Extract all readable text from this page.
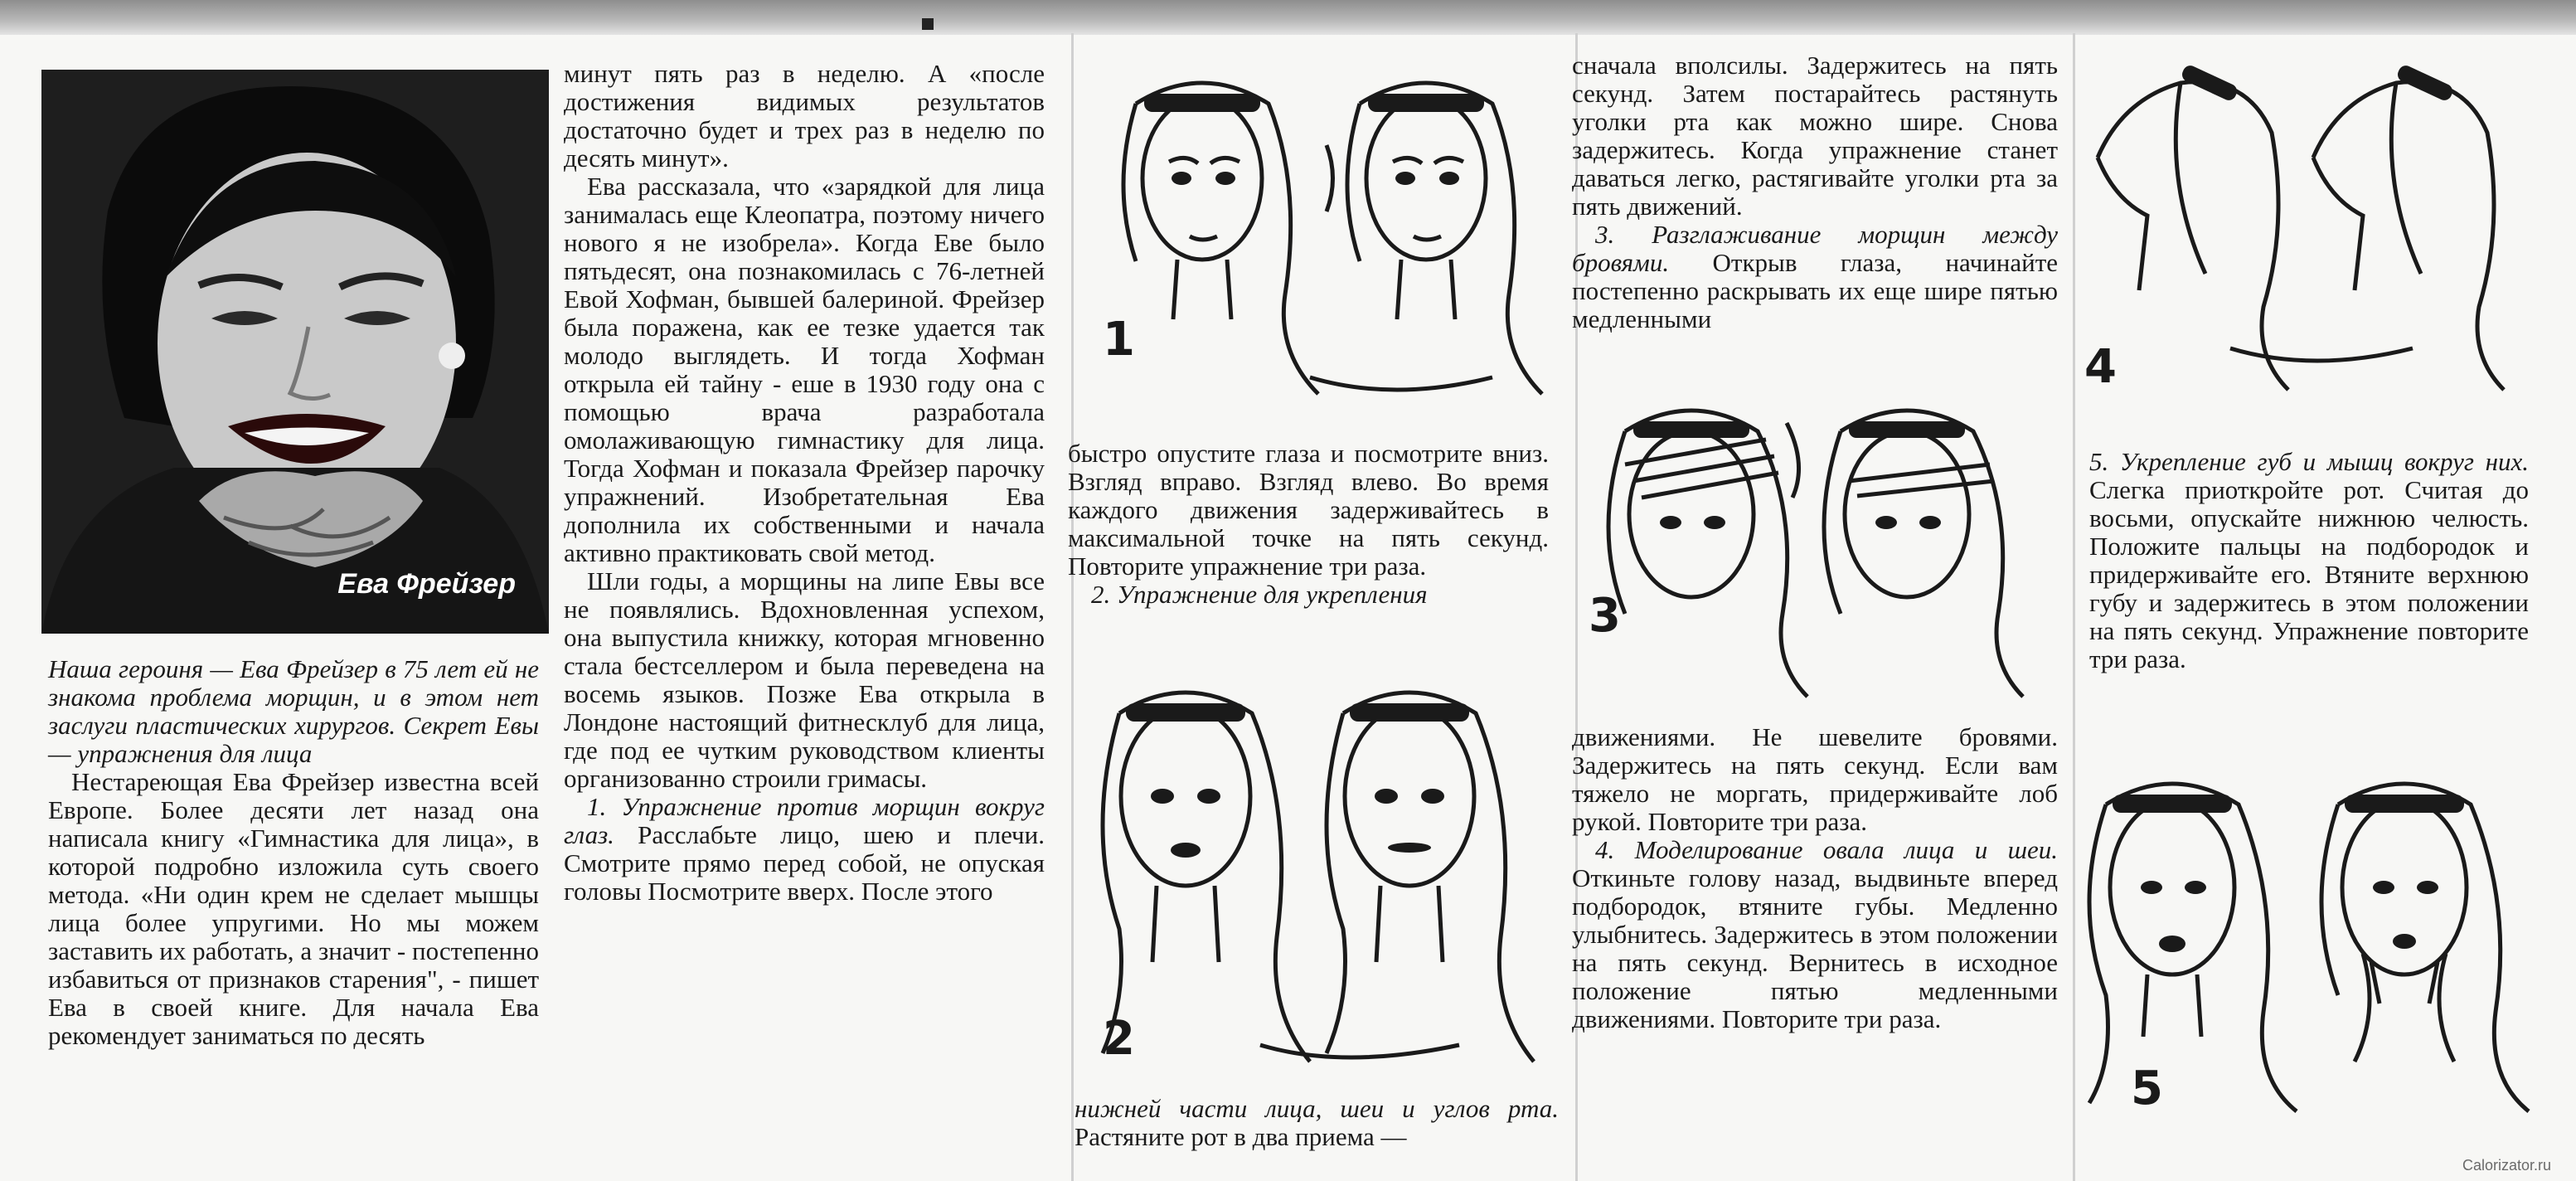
Ева Фрейзер

Наша героиня — Ева Фрейзер в 75 лет ей не знакома проблема морщин, и в этом нет заслуги пластических хирургов. Секрет Евы — упражнения для лица

Нестареющая Ева Фрейзер известна всей Европе. Более десяти лет назад она написала книгу «Гимнастика для лица», в которой подробно изложила суть своего метода. «Ни один крем не сделает мышцы лица более упругими. Но мы можем заставить их работать, а значит - постепенно избавиться от признаков старения", - пишет Ева в своей книге. Для начала Ева рекомендует заниматься по десять

минут пять раз в неделю. А «после достижения видимых результатов достаточно будет и трех раз в неделю по десять минут».

Ева рассказала, что «зарядкой для лица занималась еще Клеопатра, поэтому ничего нового я не изобрела». Когда Еве было пятьдесят, она познакомилась с 76-летней Евой Хофман, бывшей балериной. Фрейзер была поражена, как ее тезке удается так молодо выглядеть. И тогда Хофман открыла ей тайну - еше в 1930 году она с помощью врача разработала омолаживающую гимнастику для лица. Тогда Хофман и показала Фрейзер парочку упражнений. Изобретательная Ева дополнила их собственными и начала активно практиковать свой метод.

Шли годы, а морщины на липе Евы все не появлялись. Вдохновленная успехом, она выпустила книжку, которая мгновенно стала бестселлером и была переведена на восемь языков. Позже Ева открыла в Лондоне настоящий фитнесклуб для лица, где под ее чутким руководством клиенты организованно строили гримасы.

1. Упражнение против морщин вокруг глаз. Расслабьте лицо, шею и плечи. Смотрите прямо перед собой, не опуская головы Посмотрите вверх. После этого

1

быстро опустите глаза и посмотрите вниз. Взгляд вправо. Взгляд влево. Во время каждого движения задерживайтесь в максимальной точке на пять секунд. Повторите упражнение три раза.

2. Упражнение для укрепления

2

нижней части лица, шеи и углов рта. Растяните рот в два приема —

сначала вполсилы. Задержитесь на пять секунд. Затем постарайтесь растянуть уголки рта как можно шире. Снова задержитесь. Когда упражнение станет даваться легко, растягивайте уголки рта за пять движений.

3. Разглаживание морщин между бровями. Открыв глаза, начинайте постепенно раскрывать их еще шире пятью медленными

3

движениями. Не шевелите бровями. Задержитесь на пять секунд. Если вам тяжело не моргать, придерживайте лоб рукой. Повторите три раза.

4. Моделирование овала лица и шеи. Откиньте голову назад, выдвиньте вперед подбородок, втяните губы. Медленно улыбнитесь. Задержитесь в этом положении на пять секунд. Вернитесь в исходное положение пятью медленными движениями. Повторите три раза.

4

5. Укрепление губ и мышц вокруг них. Слегка приоткройте рот. Считая до восьми, опускайте нижнюю челюсть. Положите пальцы на подбородок и придерживайте его. Втяните верхнюю губу и задержитесь в этом положении на пять секунд. Упражнение повторите три раза.

5
Calorizator.ru
